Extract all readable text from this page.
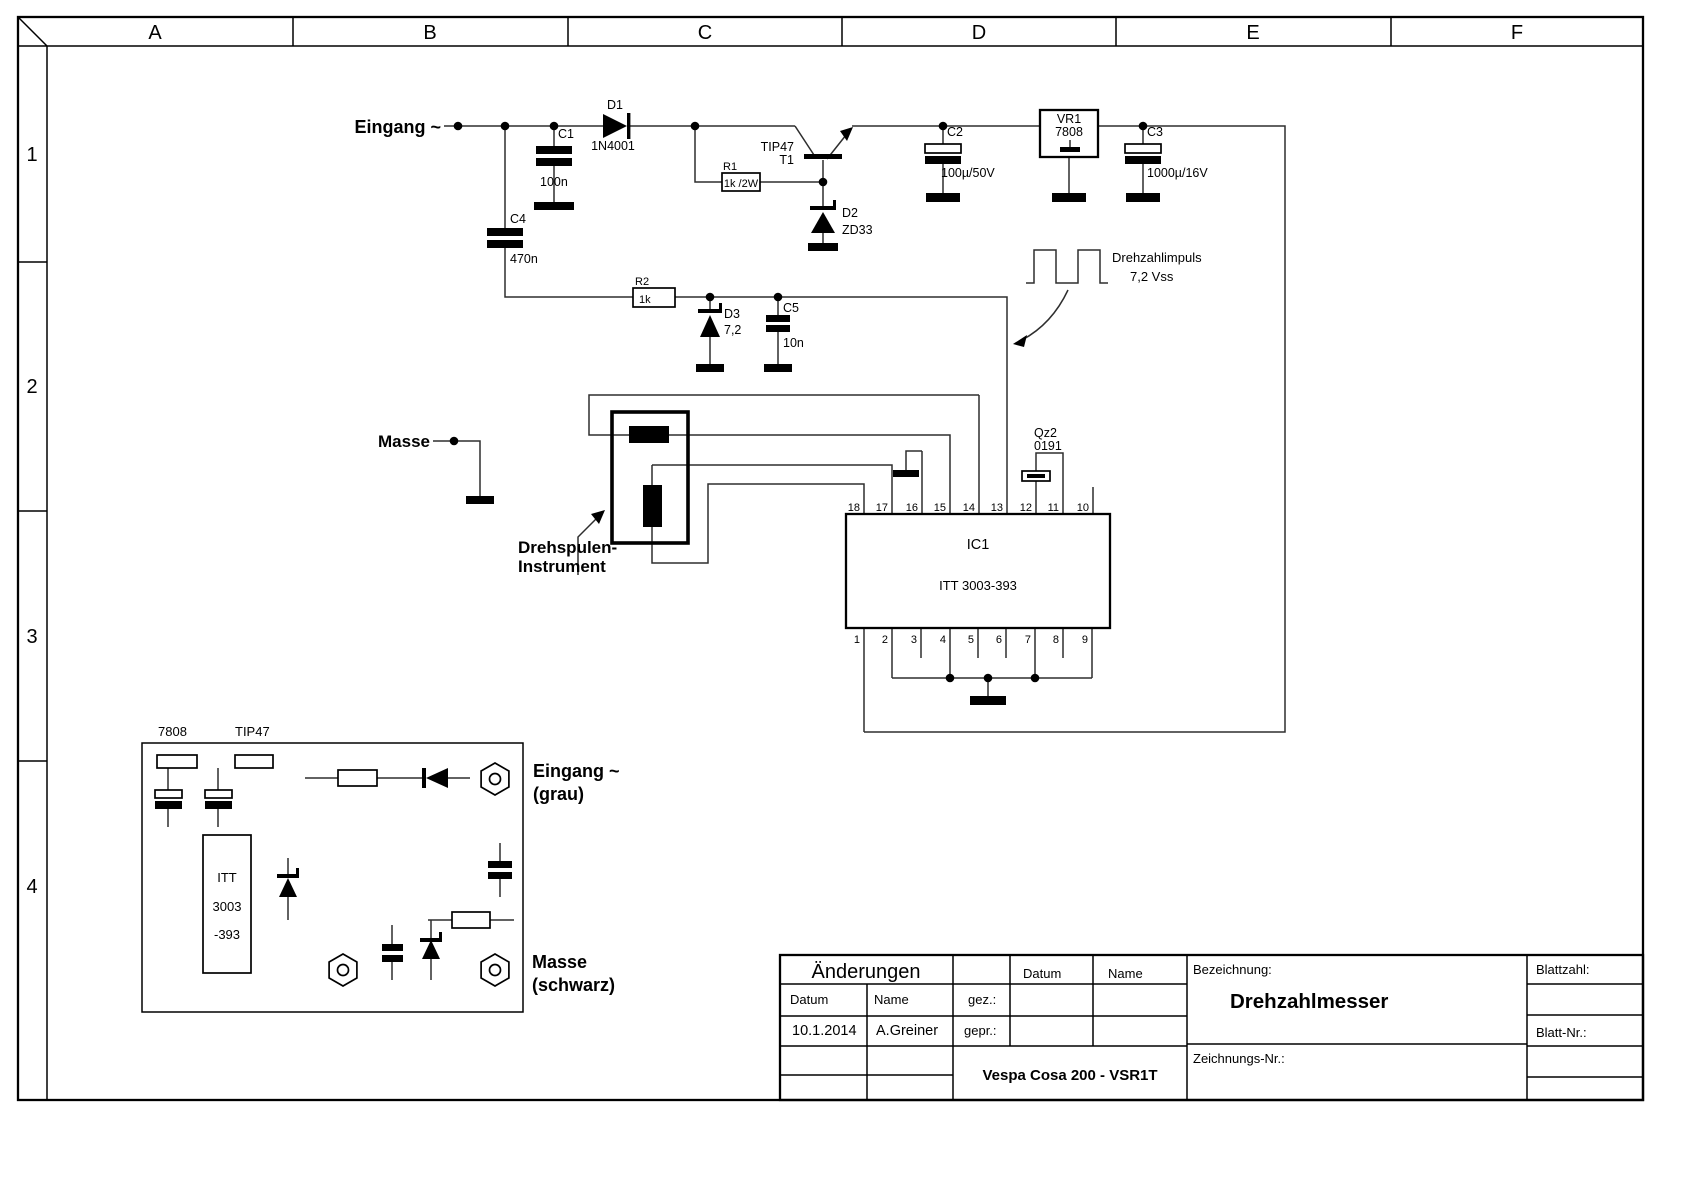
A	B	C	D	E	F
1
2
3
4
Eingang ~
Masse
D1
1N4001
C1
100n
C4
470n
R1
1k /2W
TIP47
T1
D2
ZD33
C2
100µ/50V
VR1
7808	C3
1000µ/16V
R2
1k
D3
7,2
C5
10n
Drehzahlimpuls
7,2 Vss
Qz2
0191
IC1
ITT 3003-393
18 17 16 15 14 13 12 11 10
1 2 3 4 5 6 7 8 9
Drehspulen-
Instrument
7808	TIP47
ITT
3003
-393
Eingang ~
(grau)
Masse
(schwarz)
Änderungen
Datum	Name
10.1.2014 A.Greiner
gez.:
gepr.:
Datum	Name
Vespa Cosa 200 - VSR1T
Bezeichnung:
Drehzahlmesser
Zeichnungs-Nr.:
Blattzahl:
Blatt-Nr.:
